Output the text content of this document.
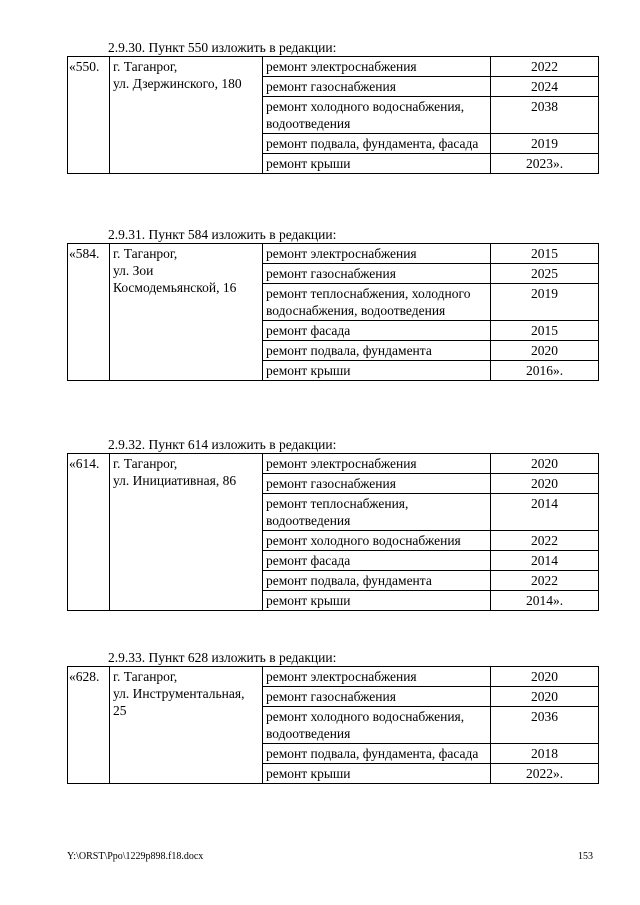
2.9.30. Пункт 550 изложить в редакции:
«550.	г. Таганрог,
ул. Дзержинского, 180	ремонт электроснабжения	2022
		ремонт газоснабжения	2024
		ремонт холодного водоснабжения, водоотведения	2038
		ремонт подвала, фундамента, фасада	2019
		ремонт крыши	2023».
2.9.31. Пункт 584 изложить в редакции:
«584.	г. Таганрог,
ул. Зои
Космодемьянской, 16	ремонт электроснабжения	2015
		ремонт газоснабжения	2025
		ремонт теплоснабжения, холодного водоснабжения, водоотведения	2019
		ремонт фасада	2015
		ремонт подвала, фундамента	2020
		ремонт крыши	2016».
2.9.32. Пункт 614 изложить в редакции:
«614.	г. Таганрог,
ул. Инициативная, 86	ремонт электроснабжения	2020
		ремонт газоснабжения	2020
		ремонт теплоснабжения, водоотведения	2014
		ремонт холодного водоснабжения	2022
		ремонт фасада	2014
		ремонт подвала, фундамента	2022
		ремонт крыши	2014».
2.9.33. Пункт 628 изложить в редакции:
«628.	г. Таганрог,
ул. Инструментальная,
25	ремонт электроснабжения	2020
		ремонт газоснабжения	2020
		ремонт холодного водоснабжения, водоотведения	2036
		ремонт подвала, фундамента, фасада	2018
		ремонт крыши	2022».
Y:\ORST\Ppo\1229p898.f18.docx	153
